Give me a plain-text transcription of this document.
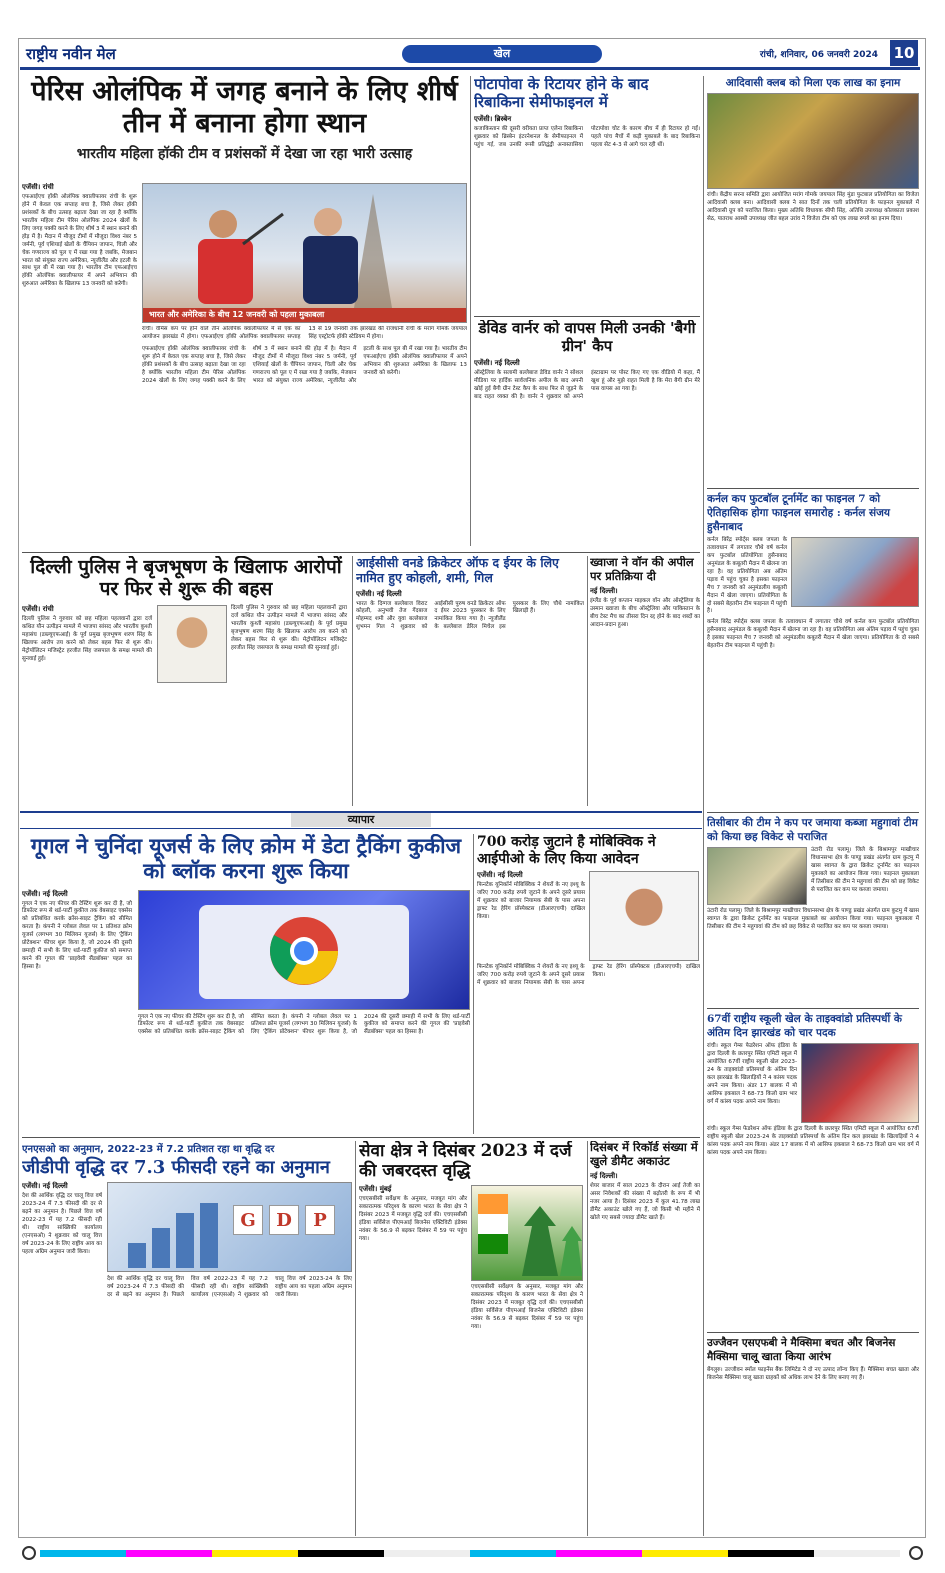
राष्ट्रीय नवीन मेल	खेल	रांची, शनिवार, 06 जनवरी 2024 10
पेरिस ओलंपिक में जगह बनाने के लिए शीर्ष तीन में बनाना होगा स्थान
भारतीय महिला हॉकी टीम व प्रशंसकों में देखा जा रहा भारी उत्साह
एजेंसी। रांची
एफआईएच हॉकी ओलंपिक क्वालीफायर रांची के शुरू होने में केवल एक सप्ताह बचा है, जिसे लेकर हॉकी प्रशंसकों के बीच उत्साह बढ़ाता देखा जा रहा है क्योंकि भारतीय महिला टीम पेरिस ओलंपिक 2024 खेलों के लिए जगह पक्की करने के लिए शीर्ष 3 में स्थान बनाने की होड़ में है। मैदान में मौजूद टीमों में मौजूदा विश्व नंबर 5 जर्मनी, पूर्व एशियाई खेलों के चैंपियन जापान, चिली और चेक गणराज्य को पूल ए में रखा गया है जबकि, मेजबान भारत को संयुक्त राज्य अमेरिका, न्यूजीलैंड और इटली के साथ पूल बी में रखा गया है। भारतीय टीम एफआईएच हॉकी ओलंपिक क्वालीफायर में अपने अभियान की शुरुआत अमेरिका के खिलाफ 13 जनवरी को करेगी।
भारत और अमेरिका के बीच 12 जनवरी को पहला मुकाबला
रांची। वीमेंस कप पर होने वाले तीन ओलंपिक क्वालीफायर में से एक का आयोजन झारखंड में होगा। एफआईएच हॉकी ओलंपिक क्वालीफायर सप्ताह 13 से 19 जनवरी तक झारखंड की राजधानी रांची के मरांग गोमके जयपाल सिंह एस्ट्रोटर्फ हॉकी स्टेडियम में होगा।
एफआईएच हॉकी ओलंपिक क्वालीफायर रांची के शुरू होने में केवल एक सप्ताह बचा है, जिसे लेकर हॉकी प्रशंसकों के बीच उत्साह बढ़ाता देखा जा रहा है क्योंकि भारतीय महिला टीम पेरिस ओलंपिक 2024 खेलों के लिए जगह पक्की करने के लिए शीर्ष 3 में स्थान बनाने की होड़ में है। मैदान में मौजूद टीमों में मौजूदा विश्व नंबर 5 जर्मनी, पूर्व एशियाई खेलों के चैंपियन जापान, चिली और चेक गणराज्य को पूल ए में रखा गया है जबकि, मेजबान भारत को संयुक्त राज्य अमेरिका, न्यूजीलैंड और इटली के साथ पूल बी में रखा गया है। भारतीय टीम एफआईएच हॉकी ओलंपिक क्वालीफायर में अपने अभियान की शुरुआत अमेरिका के खिलाफ 13 जनवरी को करेगी।
पोटापोवा के रिटायर होने के बाद रिबाकिना सेमीफाइनल में
एजेंसी। ब्रिस्बेन
कजाकिस्तान की दूसरी वरीयता प्राप्त एलेना रिबाकिना शुक्रवार को ब्रिस्बेन इंटरनेशनल के सेमीफाइनल में पहुंच गई, जब उनकी रूसी प्रतिद्वंद्वी अनास्तासिया पोटापोवा चोट के कारण बीच में ही रिटायर हो गईं। पहले पांच मैचों में कड़ी मुकाबले के बाद रिबाकिना पहला सेट 4-3 से आगे चल रही थीं।
डेविड वार्नर को वापस मिली उनकी 'बैगी ग्रीन' कैप
एजेंसी। नई दिल्ली
ऑस्ट्रेलिया के सलामी बल्लेबाज डेविड वार्नर ने सोशल मीडिया पर हार्दिक सार्वजनिक अपील के बाद अपनी खोई हुई बैगी ग्रीन टेस्ट कैप के साथ फिर से जुड़ने के बाद राहत व्यक्त की है। वार्नर ने शुक्रवार को अपने इंस्टाग्राम पर पोस्ट किए गए एक वीडियो में कहा, मैं खुश हूं और मुझे राहत मिली है कि मेरा बैगी ग्रीन मेरे पास वापस आ गया है।
आदिवासी क्लब को मिला एक लाख का इनाम
रांची। केंद्रीय सरना समिति द्वारा आयोजित मरांग गोमके जयपाल सिंह मुंडा फुटबाल प्रतियोगिता का विजेता आदिवासी क्लब बना। आदिवासी क्लब ने सात दिनों तक चली प्रतियोगिता के फाइनल मुकाबले में आदिवासी ग्रुप को पराजित किया। मुख्य अतिथि विधायक सीपी सिंह, अतिथि उपाध्यक्ष कोलकाता प्रकाश सेठ, पातराथ आस्थी उपाध्यक्ष जीत बहल उरांव ने विजेता टीम को एक लाख रुपये का इनाम दिया।
कर्नल कप फुटबॉल टूर्नामेंट का फाइनल 7 को ऐतिहासिक होगा फाइनल समारोह : कर्नल संजय हुसैनाबाद
कर्नल बिरेंद्र स्पोर्ट्स क्लब जपला के तत्वावधान में लगातार चौथे वर्ष कर्नल कप फुटबॉल प्रतियोगिता हुसैनाबाद अनुमंडल के कबूतरी मैदान में खेलना जा रहा है। वह प्रतियोगिता अब अंतिम पड़ाव में पहुंच चुका है इसका फाइनल मैच 7 जनवरी को अनुमंडलीय कबूतरी मैदान में खेला जाएगा। प्रतियोगिता के दो सबसे बेहतरीन टीम फाइनल में पहुंची है।
कर्नल बिरेंद्र स्पोर्ट्स क्लब जपला के तत्वावधान में लगातार चौथे वर्ष कर्नल कप फुटबॉल प्रतियोगिता हुसैनाबाद अनुमंडल के कबूतरी मैदान में खेलना जा रहा है। वह प्रतियोगिता अब अंतिम पड़ाव में पहुंच चुका है इसका फाइनल मैच 7 जनवरी को अनुमंडलीय कबूतरी मैदान में खेला जाएगा। प्रतियोगिता के दो सबसे बेहतरीन टीम फाइनल में पहुंची है।
तिसीबार की टीम ने कप पर जमाया कब्जा महुगावां टीम को किया छह विकेट से पराजित
उंटारी रोड पलामू। जिले के बिश्रामपुर माखीचार विधानसभा क्षेत्र के पाण्डु प्रखंड अंतर्गत ग्राम कुटमु में खास स्वागत के द्वारा क्रिकेट टूर्नामेंट का फाइनल मुकाबले का आयोजन किया गया। फाइनल मुकाबला में तिसीबार की टीम ने महुगावां की टीम को छह विकेट से पराजित कर कप पर कब्जा जमाया।
उंटारी रोड पलामू। जिले के बिश्रामपुर माखीचार विधानसभा क्षेत्र के पाण्डु प्रखंड अंतर्गत ग्राम कुटमु में खास स्वागत के द्वारा क्रिकेट टूर्नामेंट का फाइनल मुकाबले का आयोजन किया गया। फाइनल मुकाबला में तिसीबार की टीम ने महुगावां की टीम को छह विकेट से पराजित कर कप पर कब्जा जमाया।
67वीं राष्ट्रीय स्कूली खेल के ताइक्वांडो प्रतिस्पर्धी के अंतिम दिन झारखंड को चार पदक
रांची। स्कूल गेम्स फेडरेशन ऑफ इंडिया के द्वारा दिल्ली के छतरपुर स्थित एमिटी स्कूल में आयोजित 67वीं राष्ट्रीय स्कूली खेल 2023-24 के ताइक्वांडो प्रतिस्पर्धा के अंतिम दिन कल झारखंड के खिलाड़ियों ने 4 कांस्य पदक अपने नाम किया। अंडर 17 बालक में मो आसिफ इकबाल ने 68-73 किलो ग्राम भार वर्ग में कांस्य पदक अपने नाम किया।
रांची। स्कूल गेम्स फेडरेशन ऑफ इंडिया के द्वारा दिल्ली के छतरपुर स्थित एमिटी स्कूल में आयोजित 67वीं राष्ट्रीय स्कूली खेल 2023-24 के ताइक्वांडो प्रतिस्पर्धा के अंतिम दिन कल झारखंड के खिलाड़ियों ने 4 कांस्य पदक अपने नाम किया। अंडर 17 बालक में मो आसिफ इकबाल ने 68-73 किलो ग्राम भार वर्ग में कांस्य पदक अपने नाम किया।
उज्जैवन एसएफबी ने मैक्सिमा बचत और बिजनेस मैक्सिमा चालू खाता किया आरंभ
बेंगलुरु। उज्जीवन स्मॉल फाइनेंस बैंक लिमिटेड ने दो नए उत्पाद लॉन्च किए हैं। मैक्सिमा बचत खाता और बिजनेस मैक्सिमा चालू खाता ग्राहकों को अधिक लाभ देने के लिए बनाए गए हैं।
दिल्ली पुलिस ने बृजभूषण के खिलाफ आरोपों पर फिर से शुरू की बहस
एजेंसी। रांची
दिल्ली पुलिस ने गुरुवार को छह महिला पहलवानों द्वारा दर्ज कथित यौन उत्पीड़न मामले में भाजपा सांसद और भारतीय कुश्ती महासंघ (डब्ल्यूएफआई) के पूर्व प्रमुख बृजभूषण शरण सिंह के खिलाफ आरोप तय करने को लेकर बहस फिर से शुरू की। मेट्रोपॉलिटन मजिस्ट्रेट हरजीत सिंह जसपाल के समक्ष मामले की सुनवाई हुई।
दिल्ली पुलिस ने गुरुवार को छह महिला पहलवानों द्वारा दर्ज कथित यौन उत्पीड़न मामले में भाजपा सांसद और भारतीय कुश्ती महासंघ (डब्ल्यूएफआई) के पूर्व प्रमुख बृजभूषण शरण सिंह के खिलाफ आरोप तय करने को लेकर बहस फिर से शुरू की। मेट्रोपॉलिटन मजिस्ट्रेट हरजीत सिंह जसपाल के समक्ष मामले की सुनवाई हुई।
आईसीसी वनडे क्रिकेटर ऑफ द ईयर के लिए नामित हुए कोहली, शमी, गिल
एजेंसी। नई दिल्ली
भारत के दिग्गज बल्लेबाज विराट कोहली, अनुभवी तेज गेंदबाज मोहम्मद शमी और युवा बल्लेबाज शुभमन गिल ने शुक्रवार को आईसीसी पुरुष वनडे क्रिकेटर ऑफ द ईयर 2023 पुरस्कार के लिए नामांकित किया गया है। न्यूजीलैंड के बल्लेबाज डेरिल मिचेल इस पुरस्कार के लिए चौथे नामांकित खिलाड़ी हैं।
ख्वाजा ने वॉन की अपील पर प्रतिक्रिया दी
नई दिल्ली।
इंग्लैंड के पूर्व कप्तान माइकल वॉन और ऑस्ट्रेलिया के उस्मान ख्वाजा के बीच ऑस्ट्रेलिया और पाकिस्तान के बीच टेस्ट मैच का तीसरा दिन रद्द होने के बाद शब्दों का आदान-प्रदान हुआ।
व्यापार
गूगल ने चुनिंदा यूजर्स के लिए क्रोम में डेटा ट्रैकिंग कुकीज को ब्लॉक करना शुरू किया
एजेंसी। नई दिल्ली
गूगल ने एक नए फीचर की टेस्टिंग शुरू कर दी है, जो डिफॉल्ट रूप से थर्ड-पार्टी कुकीज तक वेबसाइट एक्सेस को प्रतिबंधित करके क्रॉस-साइट ट्रैकिंग को सीमित करता है। कंपनी ने ग्लोबल लेवल पर 1 प्रतिशत क्रोम यूजर्स (लगभग 30 मिलियन यूजर्स) के लिए 'ट्रैकिंग प्रोटेक्शन' फीचर शुरू किया है, जो 2024 की दूसरी छमाही में सभी के लिए थर्ड-पार्टी कुकीज को समाप्त करने की गूगल की 'प्राइवेसी सैंडबॉक्स' पहल का हिस्सा है।
गूगल ने एक नए फीचर की टेस्टिंग शुरू कर दी है, जो डिफॉल्ट रूप से थर्ड-पार्टी कुकीज तक वेबसाइट एक्सेस को प्रतिबंधित करके क्रॉस-साइट ट्रैकिंग को सीमित करता है। कंपनी ने ग्लोबल लेवल पर 1 प्रतिशत क्रोम यूजर्स (लगभग 30 मिलियन यूजर्स) के लिए 'ट्रैकिंग प्रोटेक्शन' फीचर शुरू किया है, जो 2024 की दूसरी छमाही में सभी के लिए थर्ड-पार्टी कुकीज को समाप्त करने की गूगल की 'प्राइवेसी सैंडबॉक्स' पहल का हिस्सा है।
700 करोड़ जुटाने है मोबिक्विक ने आईपीओ के लिए किया आवेदन
एजेंसी। नई दिल्ली
फिनटेक यूनिकॉर्न मोबिक्विक ने शेयरों के नए इश्यू के जरिए 700 करोड़ रुपये जुटाने के अपने दूसरे प्रयास में शुक्रवार को बाजार नियामक सेबी के पास अपना ड्राफ्ट रेड हेरिंग प्रॉस्पेक्टस (डीआरएचपी) दाखिल किया।
फिनटेक यूनिकॉर्न मोबिक्विक ने शेयरों के नए इश्यू के जरिए 700 करोड़ रुपये जुटाने के अपने दूसरे प्रयास में शुक्रवार को बाजार नियामक सेबी के पास अपना ड्राफ्ट रेड हेरिंग प्रॉस्पेक्टस (डीआरएचपी) दाखिल किया।
एनएसओ का अनुमान, 2022-23 में 7.2 प्रतिशत रहा था वृद्धि दर
जीडीपी वृद्धि दर 7.3 फीसदी रहने का अनुमान
एजेंसी। नई दिल्ली
देश की आर्थिक वृद्धि दर चालू वित्त वर्ष 2023-24 में 7.3 फीसदी की दर से बढ़ने का अनुमान है। पिछले वित्त वर्ष 2022-23 में यह 7.2 फीसदी रही थी। राष्ट्रीय सांख्यिकी कार्यालय (एनएसओ) ने शुक्रवार को चालू वित्त वर्ष 2023-24 के लिए राष्ट्रीय आय का पहला अग्रिम अनुमान जारी किया।
G	D	P
देश की आर्थिक वृद्धि दर चालू वित्त वर्ष 2023-24 में 7.3 फीसदी की दर से बढ़ने का अनुमान है। पिछले वित्त वर्ष 2022-23 में यह 7.2 फीसदी रही थी। राष्ट्रीय सांख्यिकी कार्यालय (एनएसओ) ने शुक्रवार को चालू वित्त वर्ष 2023-24 के लिए राष्ट्रीय आय का पहला अग्रिम अनुमान जारी किया।
सेवा क्षेत्र ने दिसंबर 2023 में दर्ज की जबरदस्त वृद्धि
एजेंसी। मुंबई
एचएसबीसी सर्वेक्षण के अनुसार, मजबूत मांग और सकारात्मक परिदृश्य के कारण भारत के सेवा क्षेत्र ने दिसंबर 2023 में मजबूत वृद्धि दर्ज की। एचएसबीसी इंडिया सर्विसेज पीएमआई बिजनेस एक्टिविटी इंडेक्स नवंबर के 56.9 से बढ़कर दिसंबर में 59 पर पहुंच गया।
एचएसबीसी सर्वेक्षण के अनुसार, मजबूत मांग और सकारात्मक परिदृश्य के कारण भारत के सेवा क्षेत्र ने दिसंबर 2023 में मजबूत वृद्धि दर्ज की। एचएसबीसी इंडिया सर्विसेज पीएमआई बिजनेस एक्टिविटी इंडेक्स नवंबर के 56.9 से बढ़कर दिसंबर में 59 पर पहुंच गया।
दिसंबर में रिकॉर्ड संख्या में खुले डीमैट अकाउंट
नई दिल्ली।
शेयर बाजार में साल 2023 के दौरान आई तेजी का असर निवेशकों की संख्या में बढ़ोतरी के रूप में भी नजर आया है। दिसंबर 2023 में कुल 41.78 लाख डीमैट अकाउंट खोले गए हैं, जो किसी भी महीने में खोले गए सबसे ज्यादा डीमैट खाते हैं।
